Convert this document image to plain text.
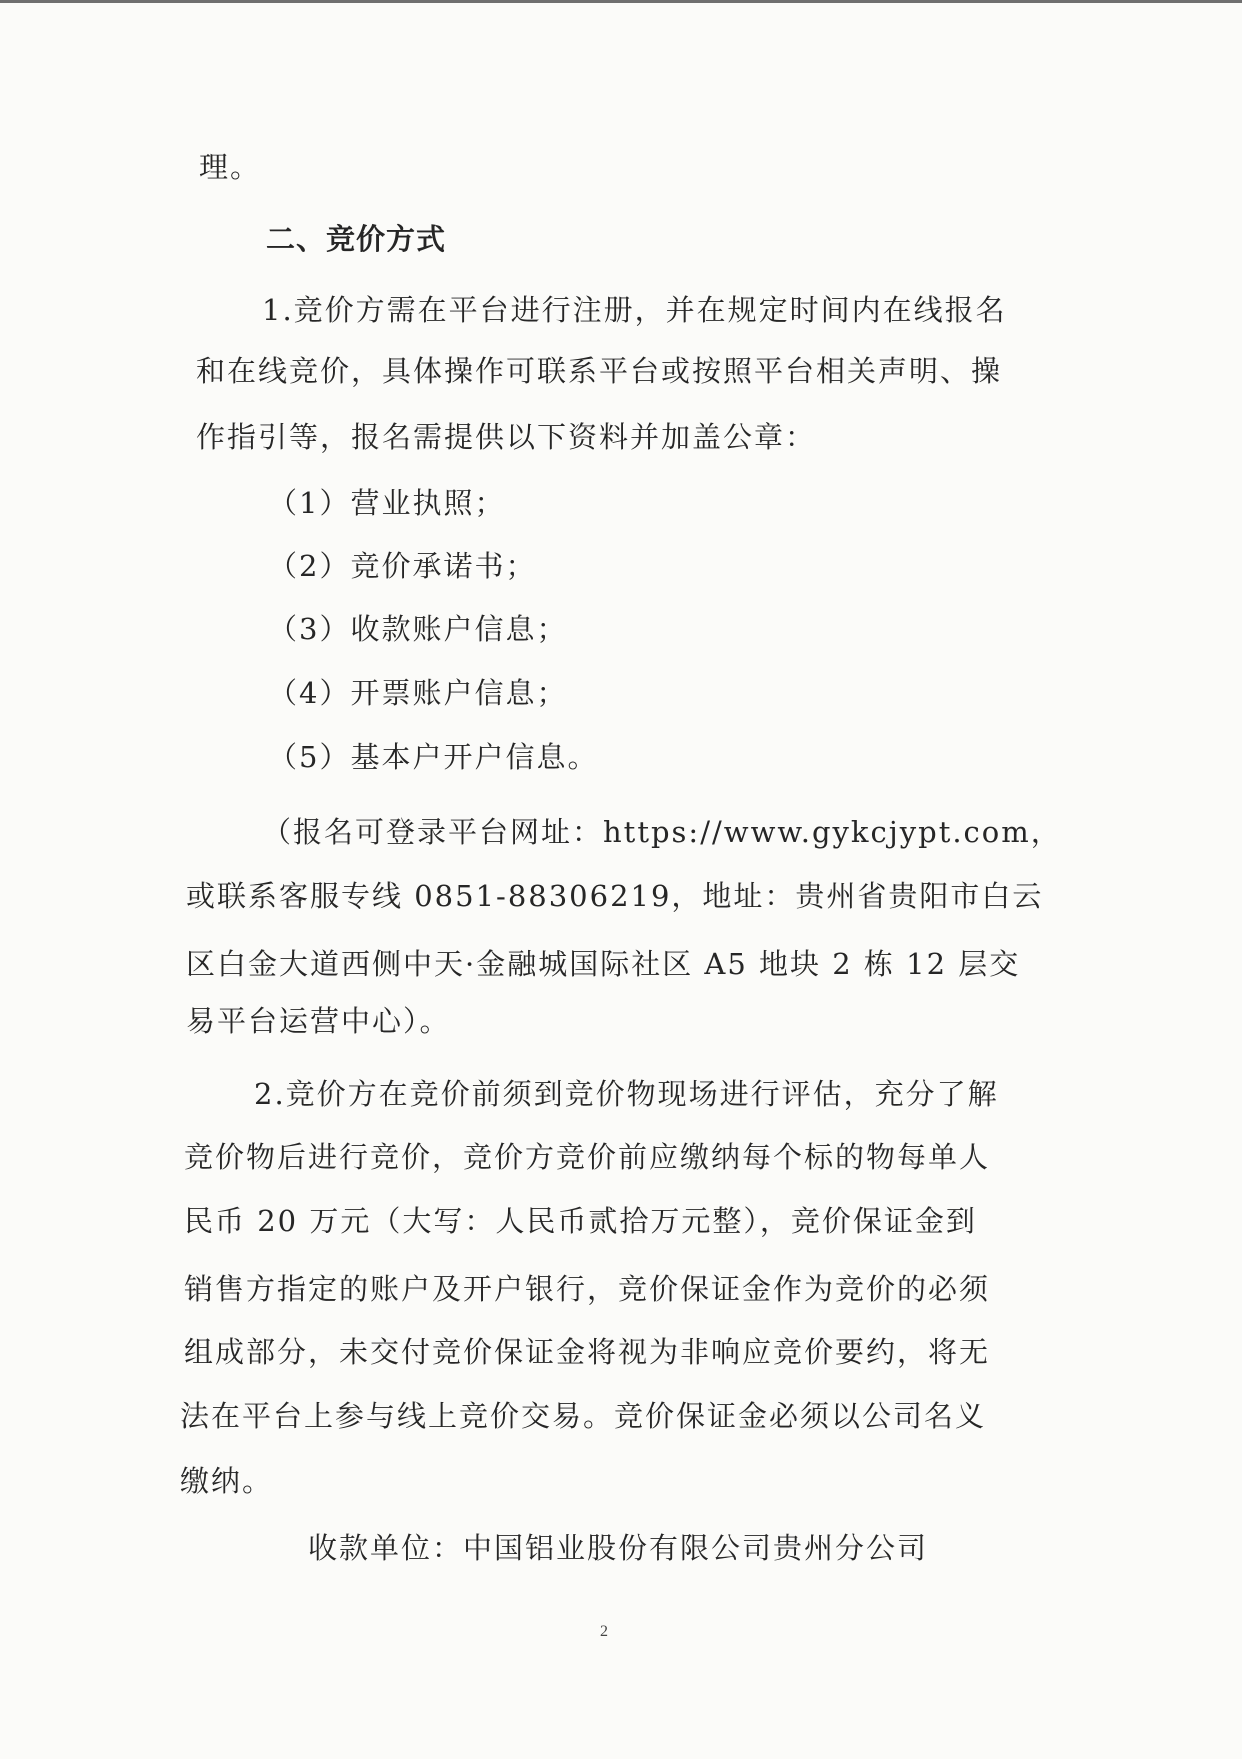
理。
二、竞价方式
1.竞价方需在平台进行注册，并在规定时间内在线报名
和在线竞价，具体操作可联系平台或按照平台相关声明、操
作指引等，报名需提供以下资料并加盖公章：
（1）营业执照；
（2）竞价承诺书；
（3）收款账户信息；
（4）开票账户信息；
（5）基本户开户信息。
（报名可登录平台网址：https://www.gykcjypt.com，
或联系客服专线 0851-88306219，地址：贵州省贵阳市白云
区白金大道西侧中天·金融城国际社区 A5 地块 2 栋 12 层交
易平台运营中心）。
2.竞价方在竞价前须到竞价物现场进行评估，充分了解
竞价物后进行竞价，竞价方竞价前应缴纳每个标的物每单人
民币 20 万元（大写：人民币贰拾万元整），竞价保证金到
销售方指定的账户及开户银行，竞价保证金作为竞价的必须
组成部分，未交付竞价保证金将视为非响应竞价要约，将无
法在平台上参与线上竞价交易。竞价保证金必须以公司名义
缴纳。
收款单位：中国铝业股份有限公司贵州分公司
2
